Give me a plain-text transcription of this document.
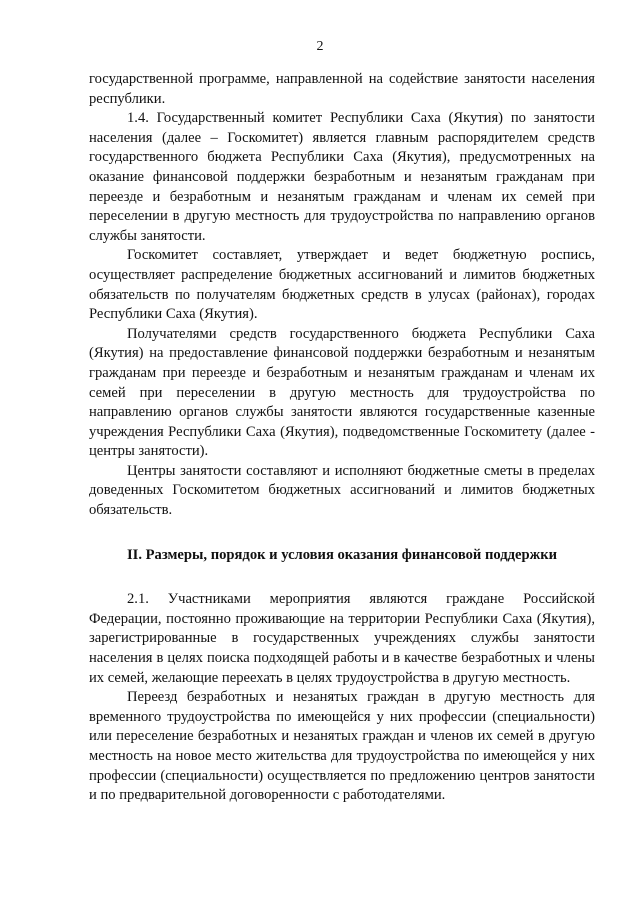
2

государственной программе, направленной на содействие занятости населения республики.

1.4. Государственный комитет Республики Саха (Якутия) по занятости населения (далее – Госкомитет) является главным распорядителем средств государственного бюджета Республики Саха (Якутия), предусмотренных на оказание финансовой поддержки безработным и незанятым гражданам при переезде и безработным и незанятым гражданам и членам их семей при переселении в другую местность для трудоустройства по направлению органов службы занятости.

Госкомитет составляет, утверждает и ведет бюджетную роспись, осуществляет распределение бюджетных ассигнований и лимитов бюджетных обязательств по получателям бюджетных средств в улусах (районах), городах Республики Саха (Якутия).

Получателями средств государственного бюджета Республики Саха (Якутия) на предоставление финансовой поддержки безработным и незанятым гражданам при переезде и безработным и незанятым гражданам и членам их семей при переселении в другую местность для трудоустройства по направлению органов службы занятости являются государственные казенные учреждения Республики Саха (Якутия), подведомственные Госкомитету (далее - центры занятости).

Центры занятости составляют и исполняют бюджетные сметы в пределах доведенных Госкомитетом бюджетных ассигнований и лимитов бюджетных обязательств.

II. Размеры, порядок и условия оказания финансовой поддержки

2.1. Участниками мероприятия являются граждане Российской Федерации, постоянно проживающие на территории Республики Саха (Якутия), зарегистрированные в государственных учреждениях службы занятости населения в целях поиска подходящей работы и в качестве безработных и члены их семей, желающие переехать в целях трудоустройства в другую местность.

Переезд безработных и незанятых граждан в другую местность для временного трудоустройства по имеющейся у них профессии (специальности) или переселение безработных и незанятых граждан и членов их семей в другую местность на новое место жительства для трудоустройства по имеющейся у них профессии (специальности) осуществляется по предложению центров занятости и по предварительной договоренности с работодателями.
